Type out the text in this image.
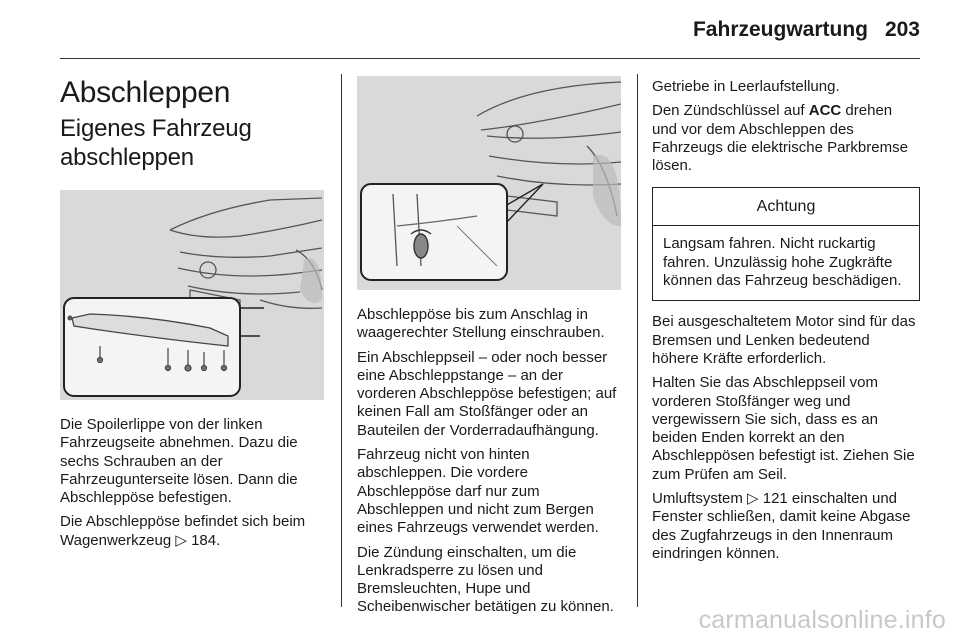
Fahrzeugwartung 203
Abschleppen
Eigenes Fahrzeug
abschleppen

Die Spoilerlippe von der linken Fahrzeugseite abnehmen. Dazu die sechs Schrauben an der Fahrzeugunterseite lösen. Dann die Abschleppöse befestigen.

Die Abschleppöse befindet sich beim Wagenwerkzeug ▷ 184.

Abschleppöse bis zum Anschlag in waagerechter Stellung einschrauben.

Ein Abschleppseil – oder noch besser eine Abschleppstange – an der vorderen Abschleppöse befestigen; auf keinen Fall am Stoßfänger oder an Bauteilen der Vorderradaufhängung.

Fahrzeug nicht von hinten abschleppen. Die vordere Abschleppöse darf nur zum Abschleppen und nicht zum Bergen eines Fahrzeugs verwendet werden.

Die Zündung einschalten, um die Lenkradsperre zu lösen und Bremsleuchten, Hupe und Scheibenwischer betätigen zu können.

Getriebe in Leerlaufstellung.

Den Zündschlüssel auf ACC drehen und vor dem Abschleppen des Fahrzeugs die elektrische Parkbremse lösen.

Achtung
Langsam fahren. Nicht ruckartig fahren. Unzulässig hohe Zugkräfte können das Fahrzeug beschädigen.

Bei ausgeschaltetem Motor sind für das Bremsen und Lenken bedeutend höhere Kräfte erforderlich.

Halten Sie das Abschleppseil vom vorderen Stoßfänger weg und vergewissern Sie sich, dass es an beiden Enden korrekt an den Abschleppösen befestigt ist. Ziehen Sie zum Prüfen am Seil.

Umluftsystem ▷ 121 einschalten und Fenster schließen, damit keine Abgase des Zugfahrzeugs in den Innenraum eindringen können.

carmanualsonline.info
